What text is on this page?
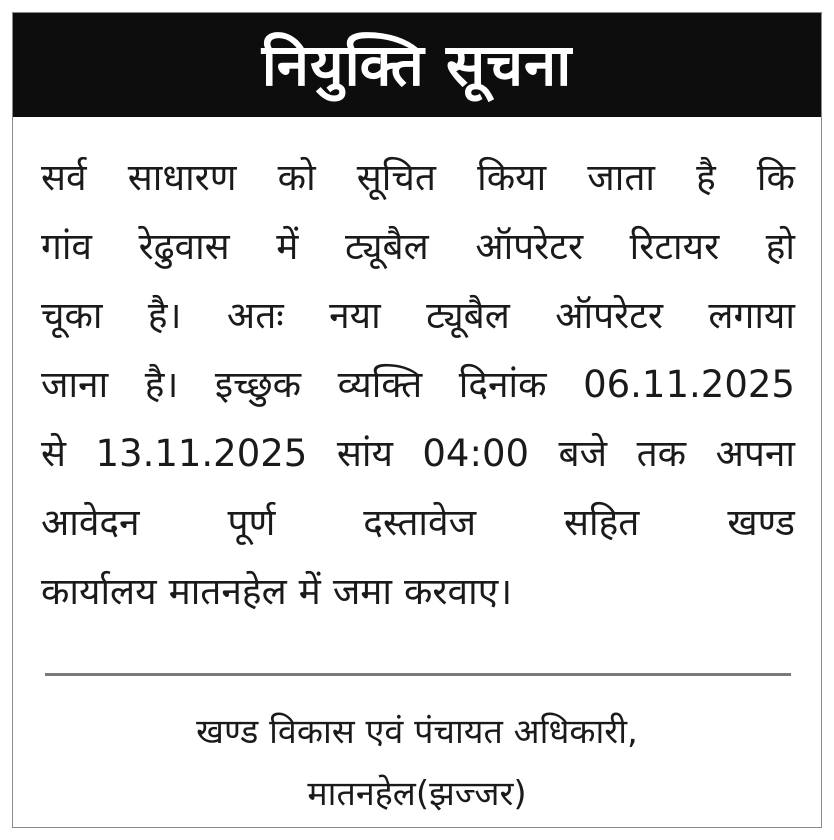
नियुक्ति सूचना
सर्व साधारण को सूचित किया जाता है कि
गांव रेढुवास में ट्यूबैल ऑपरेटर रिटायर हो
चूका है। अतः नया ट्यूबैल ऑपरेटर लगाया
जाना है। इच्छुक व्यक्ति दिनांक 06.11.2025
से 13.11.2025 सांय 04:00 बजे तक अपना
आवेदन पूर्ण दस्तावेज सहित खण्ड
कार्यालय मातनहेल में जमा करवाए।
खण्ड विकास एवं पंचायत अधिकारी,
मातनहेल(झज्जर)
